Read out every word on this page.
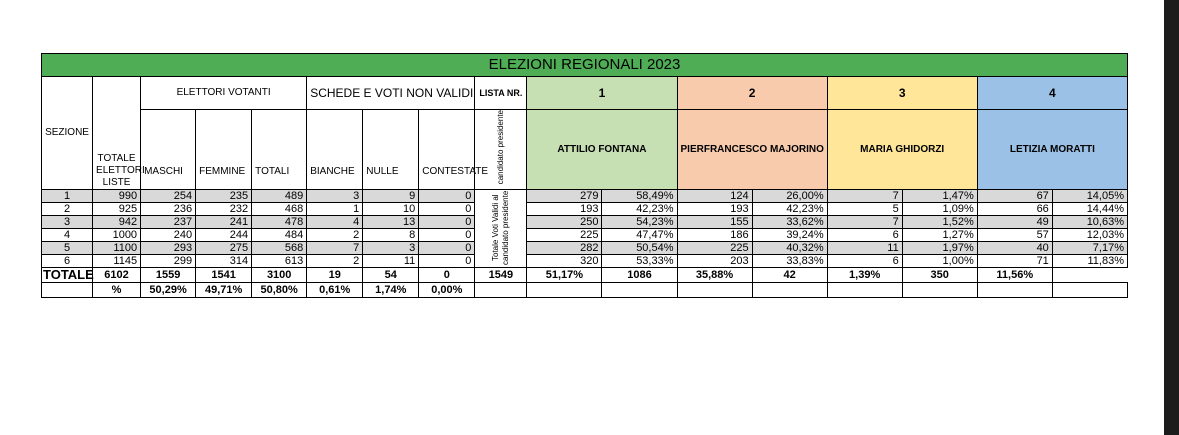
ELEZIONI REGIONALI 2023																
SEZIONE	TOTALE ELETTORI LISTE	ELETTORI VOTANTI			SCHEDE E VOTI NON VALIDI			LISTA NR.	1		2		3		4	
		MASCHI	FEMMINE	TOTALI	BIANCHE	NULLE	CONTESTATE	candidato presidente	ATTILIO FONTANA		PIERFRANCESCO MAJORINO		MARIA GHIDORZI		LETIZIA MORATTI	
1	990	254	235	489	3	9	0	Totale Voti Validi al candidato presidente	279	58,49%	124	26,00%	7	1,47%	67	14,05%
2	925	236	232	468	1	10	0		193	42,23%	193	42,23%	5	1,09%	66	14,44%
3	942	237	241	478	4	13	0		250	54,23%	155	33,62%	7	1,52%	49	10,63%
4	1000	240	244	484	2	8	0		225	47,47%	186	39,24%	6	1,27%	57	12,03%
5	1100	293	275	568	7	3	0		282	50,54%	225	40,32%	11	1,97%	40	7,17%
6	1145	299	314	613	2	11	0		320	53,33%	203	33,83%	6	1,00%	71	11,83%
TOTALE	6102	1559	1541	3100	19	54	0	1549	51,17%	1086	35,88%	42	1,39%	350	11,56%	
	%	50,29%	49,71%	50,80%	0,61%	1,74%	0,00%									
